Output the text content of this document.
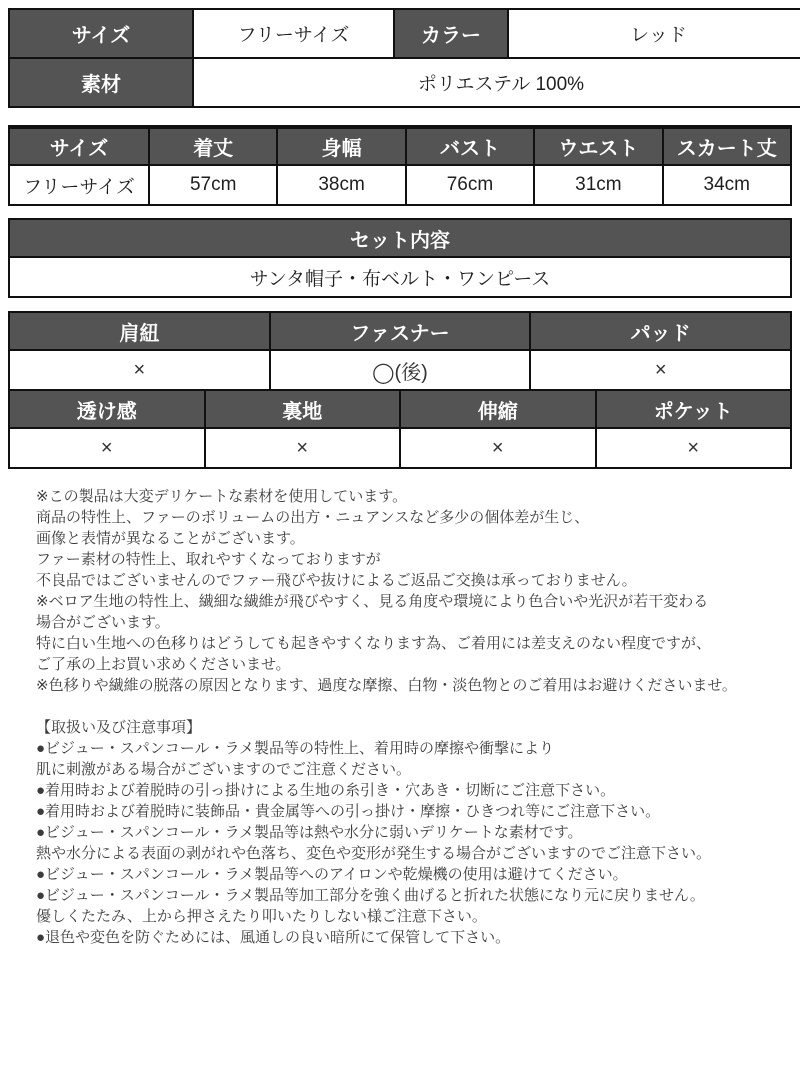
サイズ	フリーサイズ	カラー	レッド
素材	ポリエステル 100%		
サイズ	着丈	身幅	バスト	ウエスト	スカート丈
フリーサイズ	57cm	38cm	76cm	31cm	34cm
セット内容
サンタ帽子・布ベルト・ワンピース
肩紐	ファスナー	パッド
×	◯(後)	×
透け感	裏地	伸縮	ポケット
×	×	×	×
※この製品は大変デリケートな素材を使用しています。
商品の特性上、ファーのボリュームの出方・ニュアンスなど多少の個体差が生じ、
画像と表情が異なることがございます。
ファー素材の特性上、取れやすくなっておりますが
不良品ではございませんのでファー飛びや抜けによるご返品ご交換は承っておりません。
※ベロア生地の特性上、繊細な繊維が飛びやすく、見る角度や環境により色合いや光沢が若干変わる
場合がございます。
特に白い生地への色移りはどうしても起きやすくなります為、ご着用には差支えのない程度ですが、
ご了承の上お買い求めくださいませ。
※色移りや繊維の脱落の原因となります、過度な摩擦、白物・淡色物とのご着用はお避けくださいませ。
【取扱い及び注意事項】
●ビジュー・スパンコール・ラメ製品等の特性上、着用時の摩擦や衝撃により
肌に刺激がある場合がございますのでご注意ください。
●着用時および着脱時の引っ掛けによる生地の糸引き・穴あき・切断にご注意下さい。
●着用時および着脱時に装飾品・貴金属等への引っ掛け・摩擦・ひきつれ等にご注意下さい。
●ビジュー・スパンコール・ラメ製品等は熱や水分に弱いデリケートな素材です。
熱や水分による表面の剥がれや色落ち、変色や変形が発生する場合がございますのでご注意下さい。
●ビジュー・スパンコール・ラメ製品等へのアイロンや乾燥機の使用は避けてください。
●ビジュー・スパンコール・ラメ製品等加工部分を強く曲げると折れた状態になり元に戻りません。
優しくたたみ、上から押さえたり叩いたりしない様ご注意下さい。
●退色や変色を防ぐためには、風通しの良い暗所にて保管して下さい。
